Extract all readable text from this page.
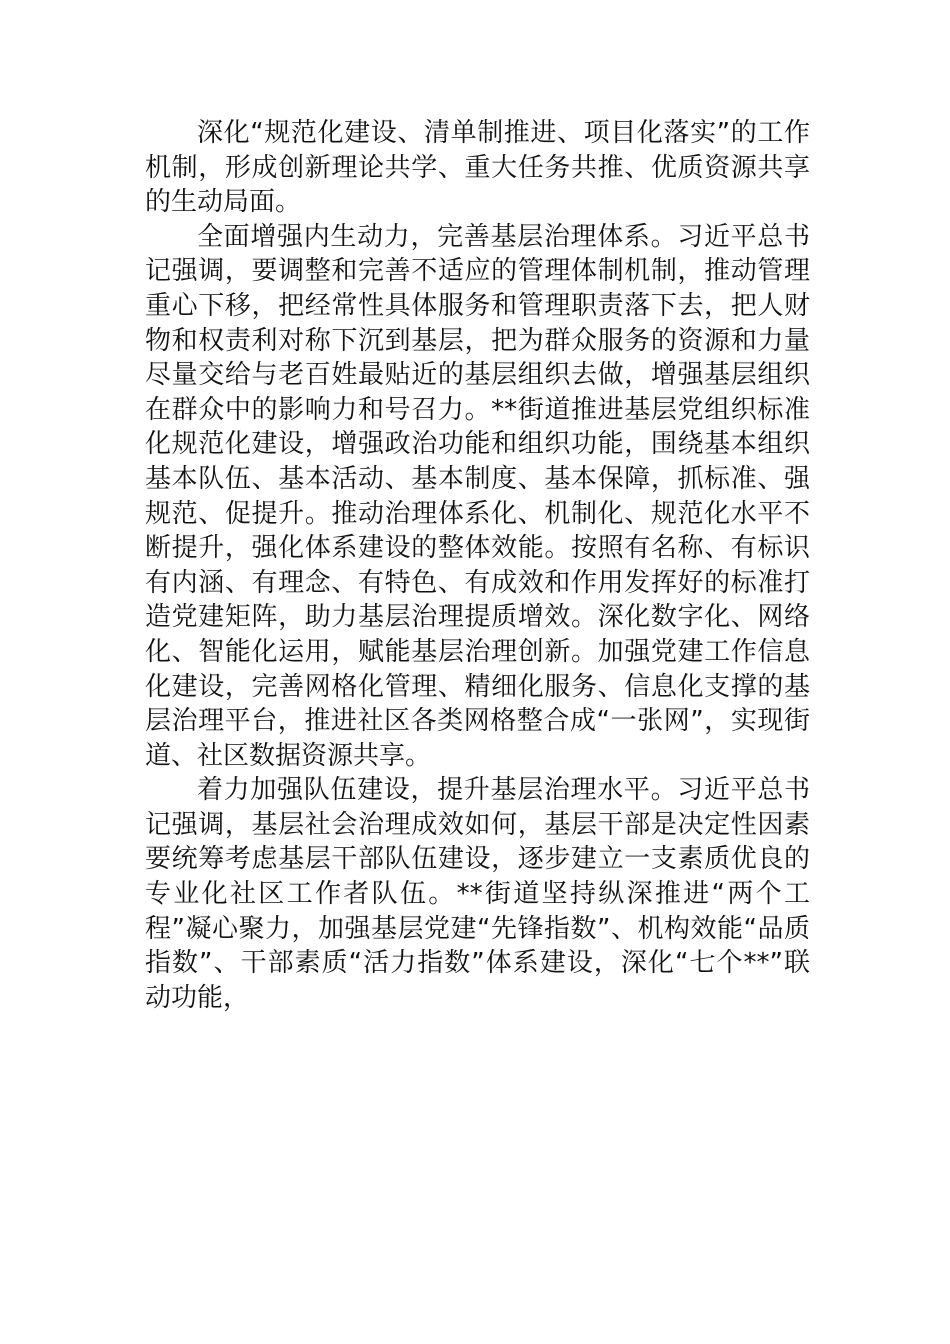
深化“规范化建设、清单制推进、项目化落实”的工作机制，形成创新理论共学、重大任务共推、优质资源共享的生动局面。

全面增强内生动力，完善基层治理体系。习近平总书记强调，要调整和完善不适应的管理体制机制，推动管理重心下移，把经常性具体服务和管理职责落下去，把人财物和权责利对称下沉到基层，把为群众服务的资源和力量尽量交给与老百姓最贴近的基层组织去做，增强基层组织在群众中的影响力和号召力。**街道推进基层党组织标准化规范化建设，增强政治功能和组织功能，围绕基本组织基本队伍、基本活动、基本制度、基本保障，抓标准、强规范、促提升。推动治理体系化、机制化、规范化水平不断提升，强化体系建设的整体效能。按照有名称、有标识有内涵、有理念、有特色、有成效和作用发挥好的标准打造党建矩阵，助力基层治理提质增效。深化数字化、网络化、智能化运用，赋能基层治理创新。加强党建工作信息化建设，完善网格化管理、精细化服务、信息化支撑的基层治理平台，推进社区各类网格整合成“一张网”，实现街道、社区数据资源共享。

着力加强队伍建设，提升基层治理水平。习近平总书记强调，基层社会治理成效如何，基层干部是决定性因素要统筹考虑基层干部队伍建设，逐步建立一支素质优良的专业化社区工作者队伍。**街道坚持纵深推进“两个工程”凝心聚力，加强基层党建“先锋指数”、机构效能“品质指数”、干部素质“活力指数”体系建设，深化“七个**”联动功能，
